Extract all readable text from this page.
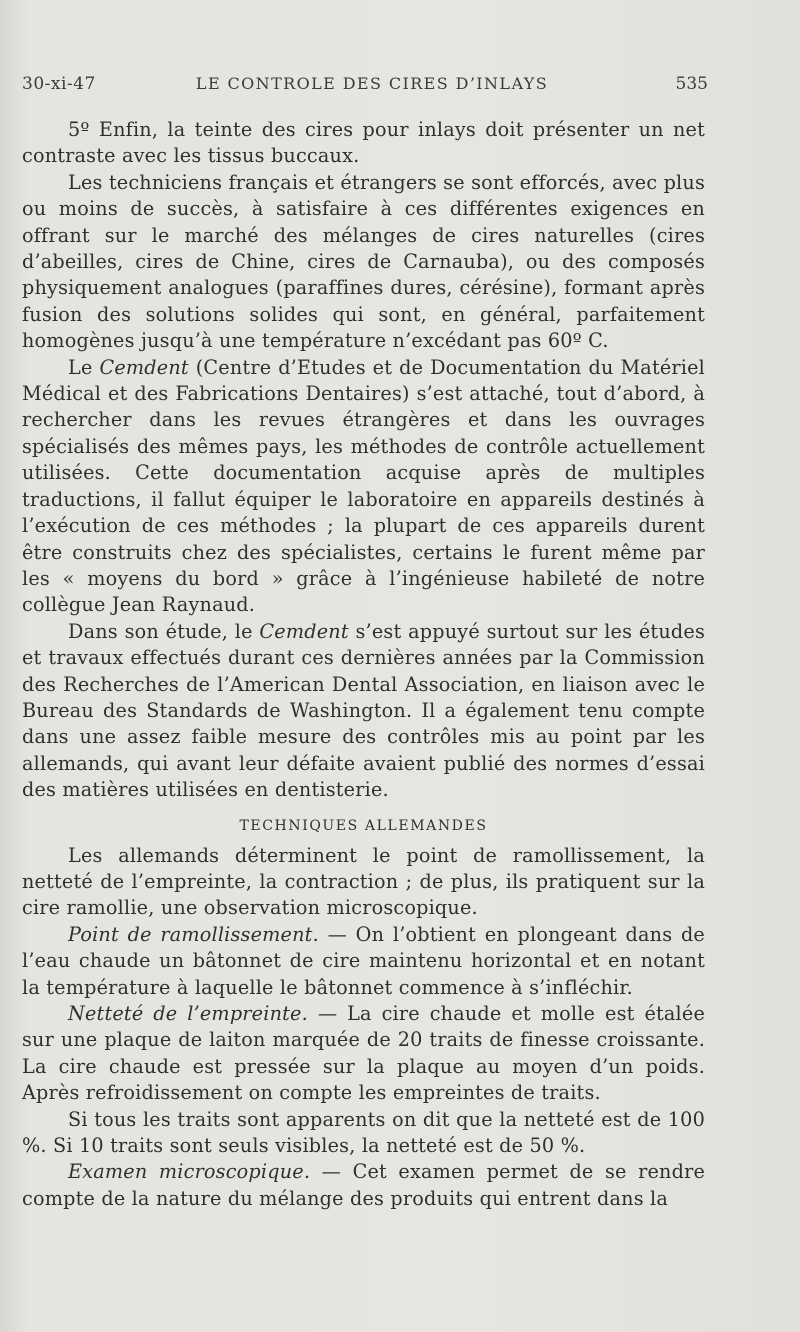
30-xi-47	LE CONTROLE DES CIRES D’INLAYS	535

5º Enfin, la teinte des cires pour inlays doit présenter un net contraste avec les tissus buccaux.

Les techniciens français et étrangers se sont efforcés, avec plus ou moins de succès, à satisfaire à ces différentes exigences en offrant sur le marché des mélanges de cires naturelles (cires d’abeilles, cires de Chine, cires de Carnauba), ou des composés physiquement analogues (paraffines dures, cérésine), formant après fusion des solutions solides qui sont, en général, parfaitement homogènes jusqu’à une température n’excédant pas 60º C.

Le Cemdent (Centre d’Etudes et de Documentation du Matériel Médical et des Fabrications Dentaires) s’est attaché, tout d’abord, à rechercher dans les revues étrangères et dans les ouvrages spécialisés des mêmes pays, les méthodes de contrôle actuellement utilisées. Cette documentation acquise après de multiples traductions, il fallut équiper le laboratoire en appareils destinés à l’exécution de ces méthodes ; la plupart de ces appareils durent être construits chez des spécialistes, certains le furent même par les « moyens du bord » grâce à l’ingénieuse habileté de notre collègue Jean Raynaud.

Dans son étude, le Cemdent s’est appuyé surtout sur les études et travaux effectués durant ces dernières années par la Commission des Recherches de l’American Dental Association, en liaison avec le Bureau des Standards de Washington. Il a également tenu compte dans une assez faible mesure des contrôles mis au point par les allemands, qui avant leur défaite avaient publié des normes d’essai des matières utilisées en dentisterie.

TECHNIQUES ALLEMANDES

Les allemands déterminent le point de ramollissement, la netteté de l’empreinte, la contraction ; de plus, ils pratiquent sur la cire ramollie, une observation microscopique.

Point de ramollissement. — On l’obtient en plongeant dans de l’eau chaude un bâtonnet de cire maintenu horizontal et en notant la température à laquelle le bâtonnet commence à s’infléchir.

Netteté de l’empreinte. — La cire chaude et molle est étalée sur une plaque de laiton marquée de 20 traits de finesse croissante. La cire chaude est pressée sur la plaque au moyen d’un poids. Après refroidissement on compte les empreintes de traits.

Si tous les traits sont apparents on dit que la netteté est de 100 %. Si 10 traits sont seuls visibles, la netteté est de 50 %.

Examen microscopique. — Cet examen permet de se rendre compte de la nature du mélange des produits qui entrent dans la
